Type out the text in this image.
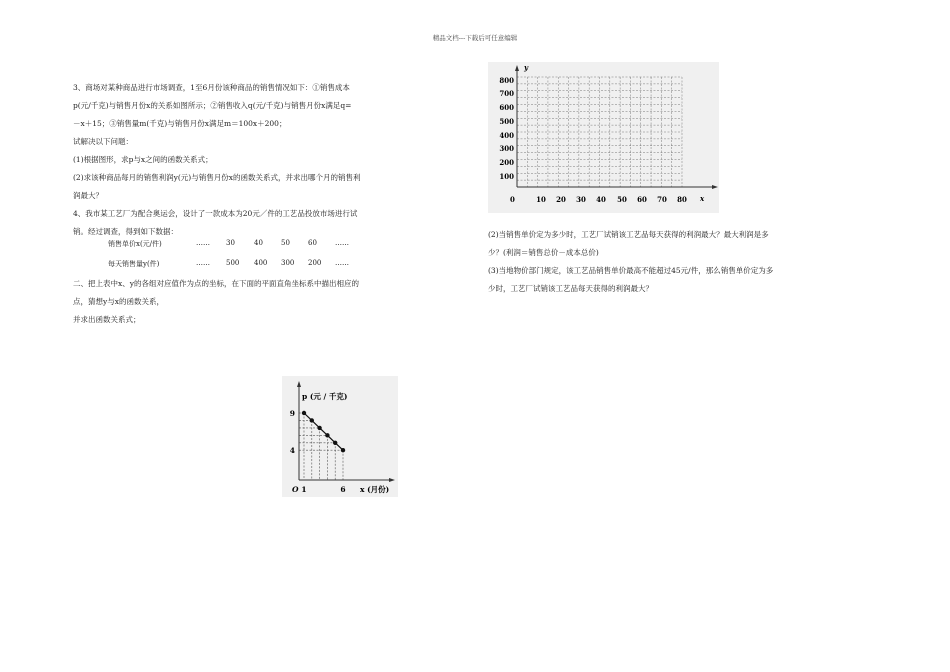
精品文档---下载后可任意编辑
3、商场对某种商品进行市场调查，1至6月份该种商品的销售情况如下：①销售成本
p(元/千克)与销售月份x的关系如图所示；②销售收入q(元/千克)与销售月份x满足q=
－x＋15；③销售量m(千克)与销售月份x满足m＝100x＋200；
试解决以下问题：
(1)根据图形，求p与x之间的函数关系式；
(2)求该种商品每月的销售利润y(元)与销售月份x的函数关系式，并求出哪个月的销售利
润最大？
4、我市某工艺厂为配合奥运会，设计了一款成本为20元／件的工艺品投放市场进行试
销。经过调查，得到如下数据：
销售单价x(元/件)	…… 30	40	50	60	……
每天销售量y(件)	…… 500 400 300 200 ……
二、把上表中x、y的各组对应值作为点的坐标，在下面的平面直角坐标系中描出相应的
点，猜想y与x的函数关系，
并求出函数关系式；
(2)当销售单价定为多少时，工艺厂试销该工艺品每天获得的利润最大？最大利润是多
少？(利润＝销售总价－成本总价)
(3)当地物价部门规定，该工艺品销售单价最高不能超过45元/件，那么销售单价定为多
少时，工艺厂试销该工艺品每天获得的利润最大？
y
x
0	10 20 30 40 50 60 70 80
100
200
300
400
500
600
700
800
p (元 / 千克)
x (月份)
O 1	6
9
4
